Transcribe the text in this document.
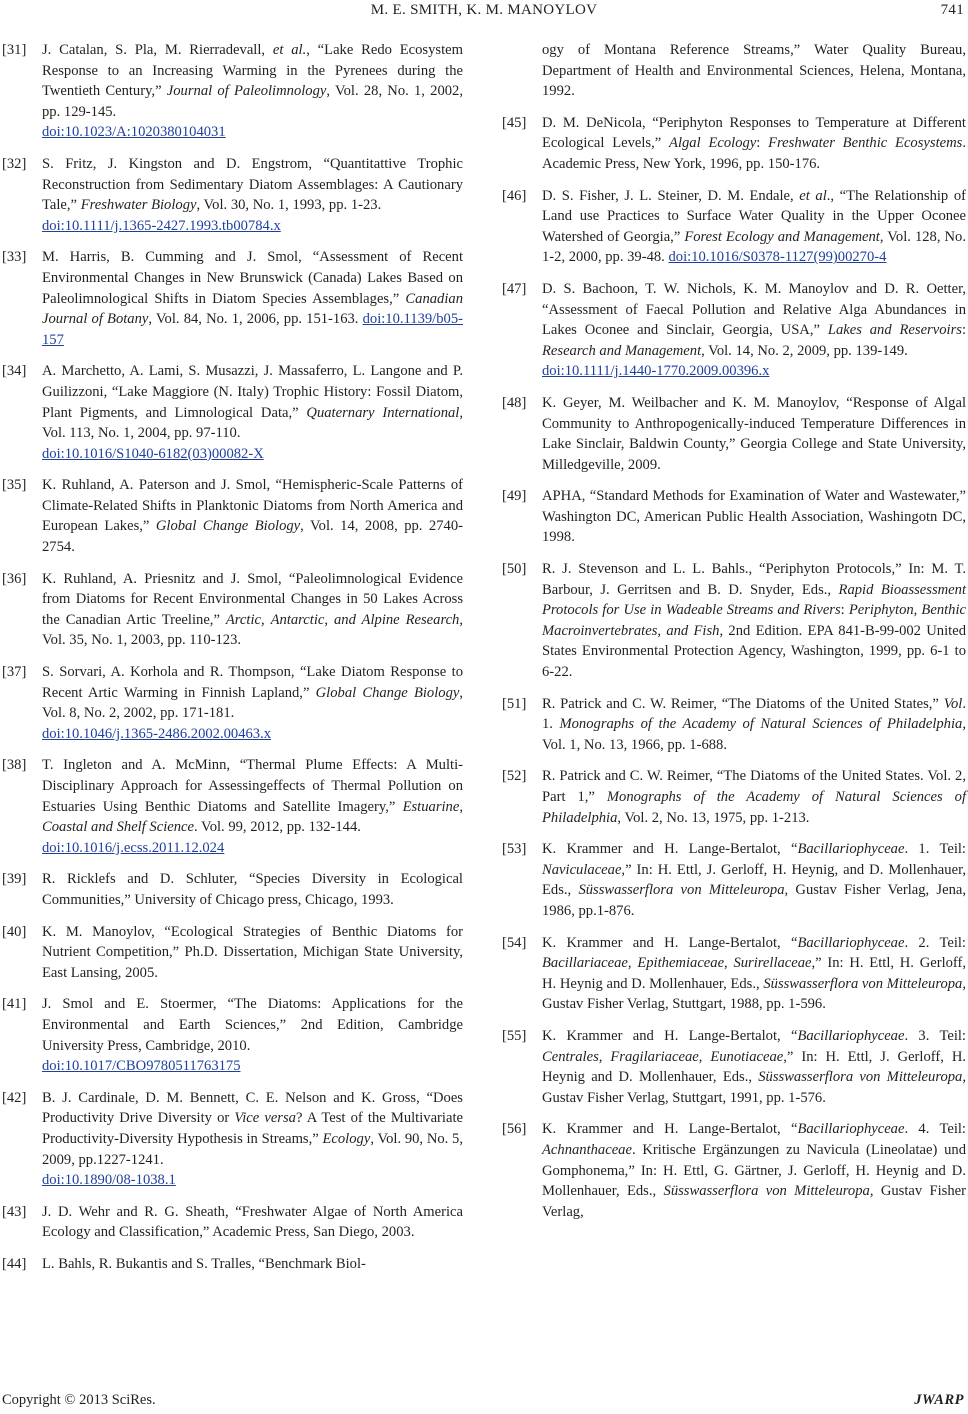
M. E. SMITH, K. M. MANOYLOV	741
[31] J. Catalan, S. Pla, M. Rierradevall, et al., “Lake Redo Ecosystem Response to an Increasing Warming in the Pyrenees during the Twentieth Century,” Journal of Paleolimnology, Vol. 28, No. 1, 2002, pp. 129-145.
doi:10.1023/A:1020380104031
[32] S. Fritz, J. Kingston and D. Engstrom, “Quantitattive Trophic Reconstruction from Sedimentary Diatom Assemblages: A Cautionary Tale,” Freshwater Biology, Vol. 30, No. 1, 1993, pp. 1-23.
doi:10.1111/j.1365-2427.1993.tb00784.x
[33] M. Harris, B. Cumming and J. Smol, “Assessment of Recent Environmental Changes in New Brunswick (Canada) Lakes Based on Paleolimnological Shifts in Diatom Species Assemblages,” Canadian Journal of Botany, Vol. 84, No. 1, 2006, pp. 151-163. doi:10.1139/b05-157
[34] A. Marchetto, A. Lami, S. Musazzi, J. Massaferro, L. Langone and P. Guilizzoni, “Lake Maggiore (N. Italy) Trophic History: Fossil Diatom, Plant Pigments, and Limnological Data,” Quaternary International, Vol. 113, No. 1, 2004, pp. 97-110.
doi:10.1016/S1040-6182(03)00082-X
[35] K. Ruhland, A. Paterson and J. Smol, “Hemispheric-Scale Patterns of Climate-Related Shifts in Planktonic Diatoms from North America and European Lakes,” Global Change Biology, Vol. 14, 2008, pp. 2740-2754.
[36] K. Ruhland, A. Priesnitz and J. Smol, “Paleolimnological Evidence from Diatoms for Recent Environmental Changes in 50 Lakes Across the Canadian Artic Treeline,” Arctic, Antarctic, and Alpine Research, Vol. 35, No. 1, 2003, pp. 110-123.
[37] S. Sorvari, A. Korhola and R. Thompson, “Lake Diatom Response to Recent Artic Warming in Finnish Lapland,” Global Change Biology, Vol. 8, No. 2, 2002, pp. 171-181.
doi:10.1046/j.1365-2486.2002.00463.x
[38] T. Ingleton and A. McMinn, “Thermal Plume Effects: A Multi-Disciplinary Approach for Assessingeffects of Thermal Pollution on Estuaries Using Benthic Diatoms and Satellite Imagery,” Estuarine, Coastal and Shelf Science. Vol. 99, 2012, pp. 132-144.
doi:10.1016/j.ecss.2011.12.024
[39] R. Ricklefs and D. Schluter, “Species Diversity in Ecological Communities,” University of Chicago press, Chicago, 1993.
[40] K. M. Manoylov, “Ecological Strategies of Benthic Diatoms for Nutrient Competition,” Ph.D. Dissertation, Michigan State University, East Lansing, 2005.
[41] J. Smol and E. Stoermer, “The Diatoms: Applications for the Environmental and Earth Sciences,” 2nd Edition, Cambridge University Press, Cambridge, 2010.
doi:10.1017/CBO9780511763175
[42] B. J. Cardinale, D. M. Bennett, C. E. Nelson and K. Gross, “Does Productivity Drive Diversity or Vice versa? A Test of the Multivariate Productivity-Diversity Hypothesis in Streams,” Ecology, Vol. 90, No. 5, 2009, pp.1227-1241.
doi:10.1890/08-1038.1
[43] J. D. Wehr and R. G. Sheath, “Freshwater Algae of North America Ecology and Classification,” Academic Press, San Diego, 2003.
[44] L. Bahls, R. Bukantis and S. Tralles, “Benchmark Biol-
ogy of Montana Reference Streams,” Water Quality Bureau, Department of Health and Environmental Sciences, Helena, Montana, 1992.
[45] D. M. DeNicola, “Periphyton Responses to Temperature at Different Ecological Levels,” Algal Ecology: Freshwater Benthic Ecosystems. Academic Press, New York, 1996, pp. 150-176.
[46] D. S. Fisher, J. L. Steiner, D. M. Endale, et al., “The Relationship of Land use Practices to Surface Water Quality in the Upper Oconee Watershed of Georgia,” Forest Ecology and Management, Vol. 128, No. 1-2, 2000, pp. 39-48. doi:10.1016/S0378-1127(99)00270-4
[47] D. S. Bachoon, T. W. Nichols, K. M. Manoylov and D. R. Oetter, “Assessment of Faecal Pollution and Relative Alga Abundances in Lakes Oconee and Sinclair, Georgia, USA,” Lakes and Reservoirs: Research and Management, Vol. 14, No. 2, 2009, pp. 139-149.
doi:10.1111/j.1440-1770.2009.00396.x
[48] K. Geyer, M. Weilbacher and K. M. Manoylov, “Response of Algal Community to Anthropogenically-induced Temperature Differences in Lake Sinclair, Baldwin County,” Georgia College and State University, Milledgeville, 2009.
[49] APHA, “Standard Methods for Examination of Water and Wastewater,” Washington DC, American Public Health Association, Washingotn DC, 1998.
[50] R. J. Stevenson and L. L. Bahls., “Periphyton Protocols,” In: M. T. Barbour, J. Gerritsen and B. D. Snyder, Eds., Rapid Bioassessment Protocols for Use in Wadeable Streams and Rivers: Periphyton, Benthic Macroinvertebrates, and Fish, 2nd Edition. EPA 841-B-99-002 United States Environmental Protection Agency, Washington, 1999, pp. 6-1 to 6-22.
[51] R. Patrick and C. W. Reimer, “The Diatoms of the United States,” Vol. 1. Monographs of the Academy of Natural Sciences of Philadelphia, Vol. 1, No. 13, 1966, pp. 1-688.
[52] R. Patrick and C. W. Reimer, “The Diatoms of the United States. Vol. 2, Part 1,” Monographs of the Academy of Natural Sciences of Philadelphia, Vol. 2, No. 13, 1975, pp. 1-213.
[53] K. Krammer and H. Lange-Bertalot, “Bacillariophyceae. 1. Teil: Naviculaceae,” In: H. Ettl, J. Gerloff, H. Heynig, and D. Mollenhauer, Eds., Süsswasserflora von Mitteleuropa, Gustav Fisher Verlag, Jena, 1986, pp.1-876.
[54] K. Krammer and H. Lange-Bertalot, “Bacillariophyceae. 2. Teil: Bacillariaceae, Epithemiaceae, Surirellaceae,” In: H. Ettl, H. Gerloff, H. Heynig and D. Mollenhauer, Eds., Süsswasserflora von Mitteleuropa, Gustav Fisher Verlag, Stuttgart, 1988, pp. 1-596.
[55] K. Krammer and H. Lange-Bertalot, “Bacillariophyceae. 3. Teil: Centrales, Fragilariaceae, Eunotiaceae,” In: H. Ettl, J. Gerloff, H. Heynig and D. Mollenhauer, Eds., Süsswasserflora von Mitteleuropa, Gustav Fisher Verlag, Stuttgart, 1991, pp. 1-576.
[56] K. Krammer and H. Lange-Bertalot, “Bacillariophyceae. 4. Teil: Achnanthaceae. Kritische Ergänzungen zu Navicula (Lineolatae) und Gomphonema,” In: H. Ettl, G. Gärtner, J. Gerloff, H. Heynig and D. Mollenhauer, Eds., Süsswasserflora von Mitteleuropa, Gustav Fisher Verlag,
Copyright © 2013 SciRes.	JWARP
